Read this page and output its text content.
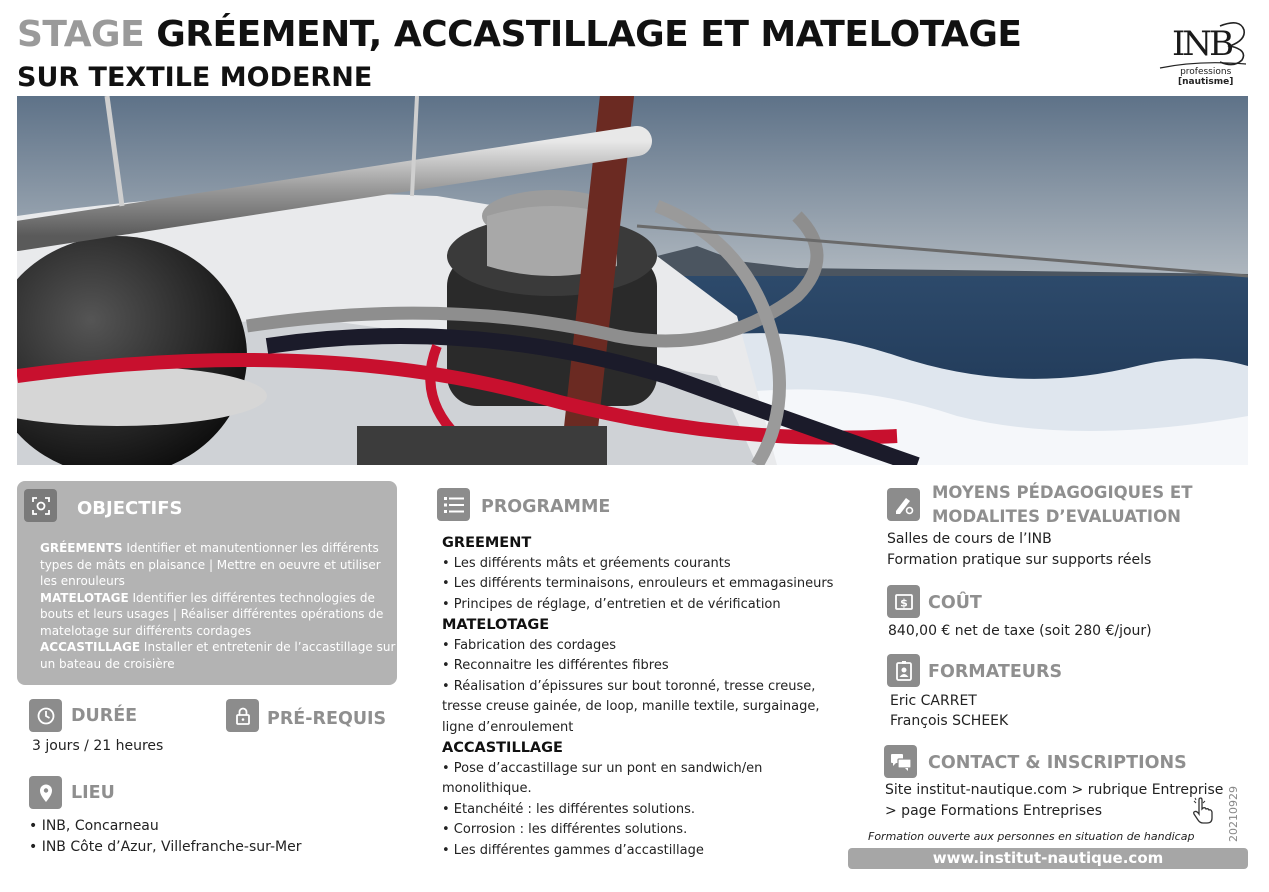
STAGE GRÉEMENT, ACCASTILLAGE ET MATELOTAGE
SUR TEXTILE MODERNE
INB
professions
[nautisme]
OBJECTIFS
GRÉEMENTS Identifier et manutentionner les différents types de mâts en plaisance | Mettre en oeuvre et utiliser les enrouleurs
MATELOTAGE Identifier les différentes technologies de bouts et leurs usages | Réaliser différentes opérations de matelotage sur différents cordages
ACCASTILLAGE Installer et entretenir de l’accastillage sur un bateau de croisière
DURÉE
3 jours / 21 heures
PRÉ-REQUIS
LIEU
• INB, Concarneau
• INB Côte d’Azur, Villefranche-sur-Mer
PROGRAMME
GREEMENT
• Les différents mâts et gréements courants
• Les différents terminaisons, enrouleurs et emmagasineurs
• Principes de réglage, d’entretien et de vérification
MATELOTAGE
• Fabrication des cordages
• Reconnaitre les différentes fibres
• Réalisation d’épissures sur bout toronné, tresse creuse,
tresse creuse gainée, de loop, manille textile, surgainage,
ligne d’enroulement
ACCASTILLAGE
• Pose d’accastillage sur un pont en sandwich/en
monolithique.
• Etanchéité : les différentes solutions.
• Corrosion : les différentes solutions.
• Les différentes gammes d’accastillage
MOYENS PÉDAGOGIQUES ET
MODALITES D’EVALUATION
Salles de cours de l’INB
Formation pratique sur supports réels
$ COÛT
840,00 € net de taxe (soit 280 €/jour)
FORMATEURS
Eric CARRET
François SCHEEK
CONTACT & INSCRIPTIONS
Site institut-nautique.com > rubrique Entreprise
> page Formations Entreprises
Formation ouverte aux personnes en situation de handicap
www.institut-nautique.com
20210929
